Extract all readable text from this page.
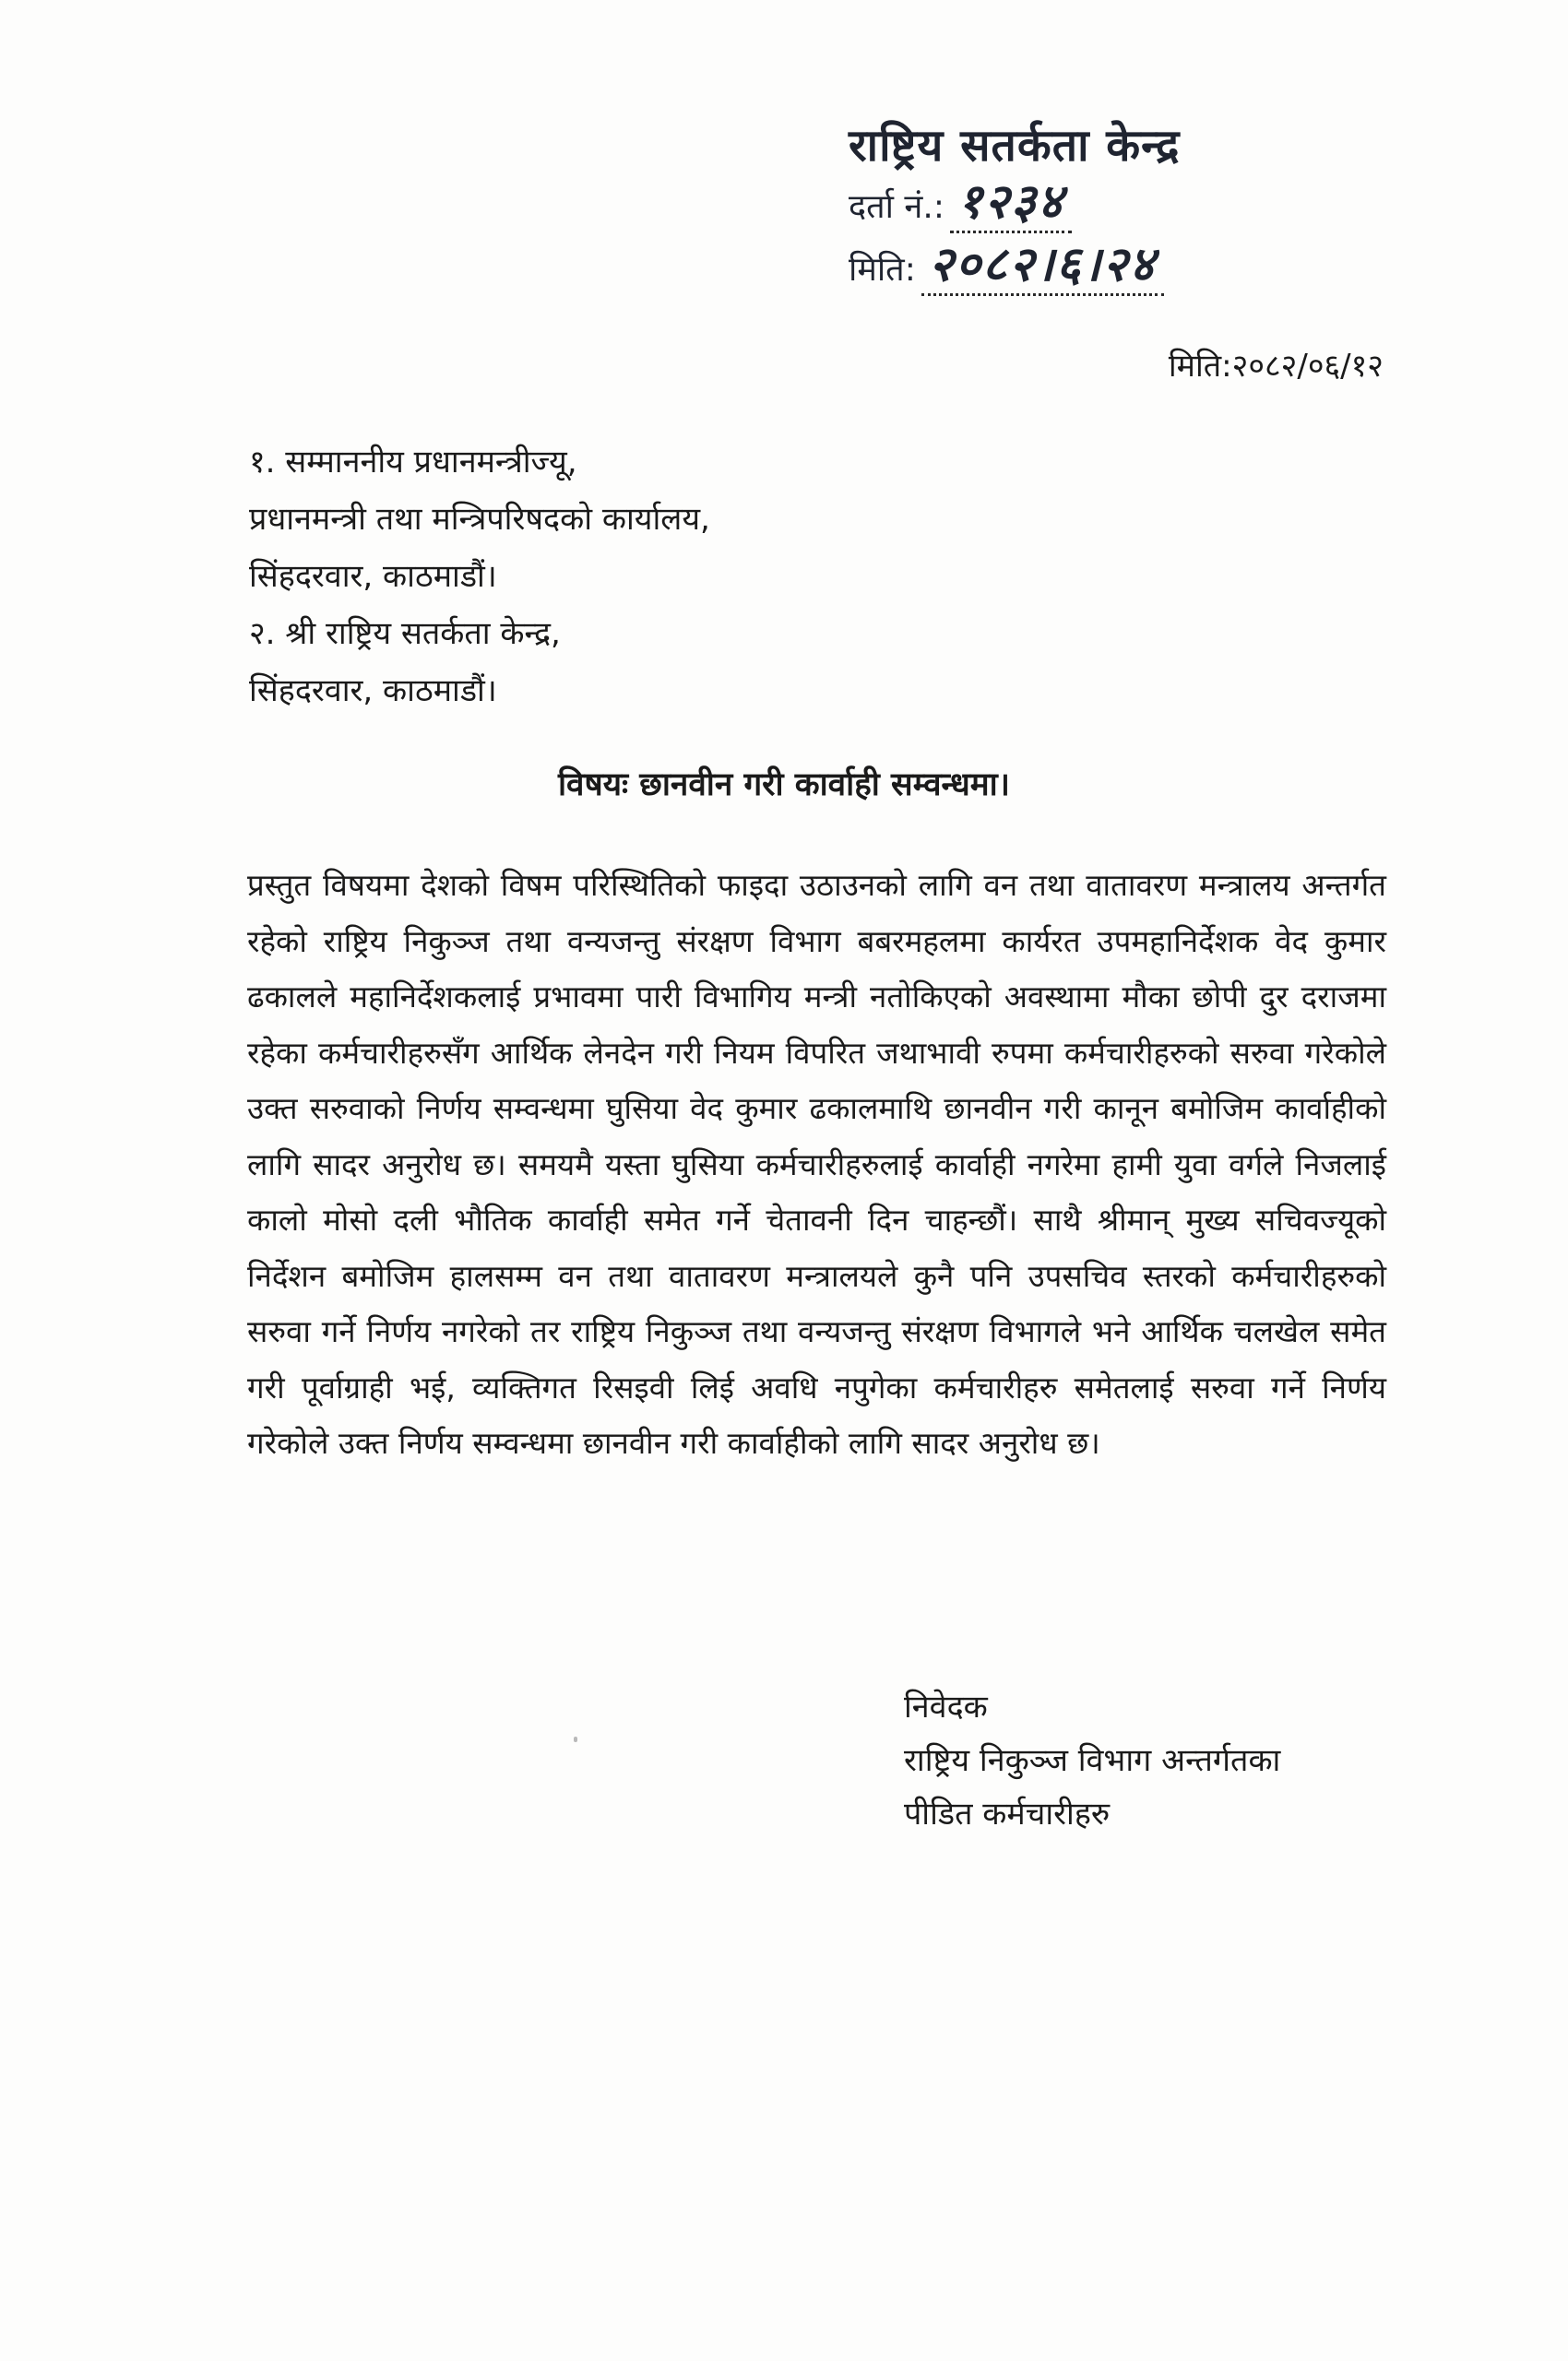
राष्ट्रिय सतर्कता केन्द्र
दर्ता नं.: १२३४
मिति: २०८२।६।२४
मिति:२०८२/०६/१२
१. सम्माननीय प्रधानमन्त्रीज्यू,
प्रधानमन्त्री तथा मन्त्रिपरिषदको कार्यालय,
सिंहदरवार, काठमाडौं।
२. श्री राष्ट्रिय सतर्कता केन्द्र,
सिंहदरवार, काठमाडौं।
विषयः छानवीन गरी कार्वाही सम्वन्धमा।
प्रस्तुत विषयमा देशको विषम परिस्थितिको फाइदा उठाउनको लागि वन तथा वातावरण मन्त्रालय अन्तर्गत रहेको राष्ट्रिय निकुञ्ज तथा वन्यजन्तु संरक्षण विभाग बबरमहलमा कार्यरत उपमहानिर्देशक वेद कुमार ढकालले महानिर्देशकलाई प्रभावमा पारी विभागिय मन्त्री नतोकिएको अवस्थामा मौका छोपी दुर दराजमा रहेका कर्मचारीहरुसँग आर्थिक लेनदेन गरी नियम विपरित जथाभावी रुपमा कर्मचारीहरुको सरुवा गरेकोले उक्त सरुवाको निर्णय सम्वन्धमा घुसिया वेद कुमार ढकालमाथि छानवीन गरी कानून बमोजिम कार्वाहीको लागि सादर अनुरोध छ। समयमै यस्ता घुसिया कर्मचारीहरुलाई कार्वाही नगरेमा हामी युवा वर्गले निजलाई कालो मोसो दली भौतिक कार्वाही समेत गर्ने चेतावनी दिन चाहन्छौं। साथै श्रीमान् मुख्य सचिवज्यूको निर्देशन बमोजिम हालसम्म वन तथा वातावरण मन्त्रालयले कुनै पनि उपसचिव स्तरको कर्मचारीहरुको सरुवा गर्ने निर्णय नगरेको तर राष्ट्रिय निकुञ्ज तथा वन्यजन्तु संरक्षण विभागले भने आर्थिक चलखेल समेत गरी पूर्वाग्राही भई, व्यक्तिगत रिसइवी लिई अवधि नपुगेका कर्मचारीहरु समेतलाई सरुवा गर्ने निर्णय गरेकोले उक्त निर्णय सम्वन्धमा छानवीन गरी कार्वाहीको लागि सादर अनुरोध छ।
निवेदक
राष्ट्रिय निकुञ्ज विभाग अन्तर्गतका
पीडित कर्मचारीहरु
